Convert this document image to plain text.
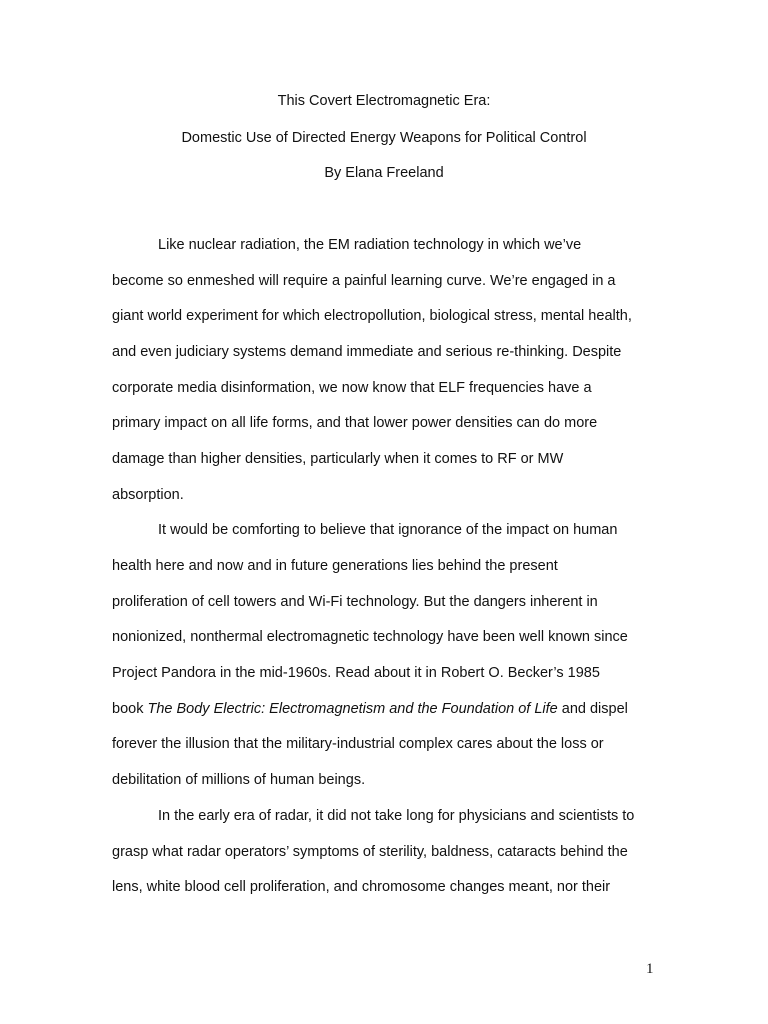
This Covert Electromagnetic Era:
Domestic Use of Directed Energy Weapons for Political Control
By Elana Freeland
Like nuclear radiation, the EM radiation technology in which we’ve
become so enmeshed will require a painful learning curve. We’re engaged in a
giant world experiment for which electropollution, biological stress, mental health,
and even judiciary systems demand immediate and serious re-thinking. Despite
corporate media disinformation, we now know that ELF frequencies have a
primary impact on all life forms, and that lower power densities can do more
damage than higher densities, particularly when it comes to RF or MW
absorption.
It would be comforting to believe that ignorance of the impact on human
health here and now and in future generations lies behind the present
proliferation of cell towers and Wi-Fi technology. But the dangers inherent in
nonionized, nonthermal electromagnetic technology have been well known since
Project Pandora in the mid-1960s. Read about it in Robert O. Becker’s 1985
book The Body Electric: Electromagnetism and the Foundation of Life and dispel
forever the illusion that the military-industrial complex cares about the loss or
debilitation of millions of human beings.
In the early era of radar, it did not take long for physicians and scientists to
grasp what radar operators’ symptoms of sterility, baldness, cataracts behind the
lens, white blood cell proliferation, and chromosome changes meant, nor their
1
